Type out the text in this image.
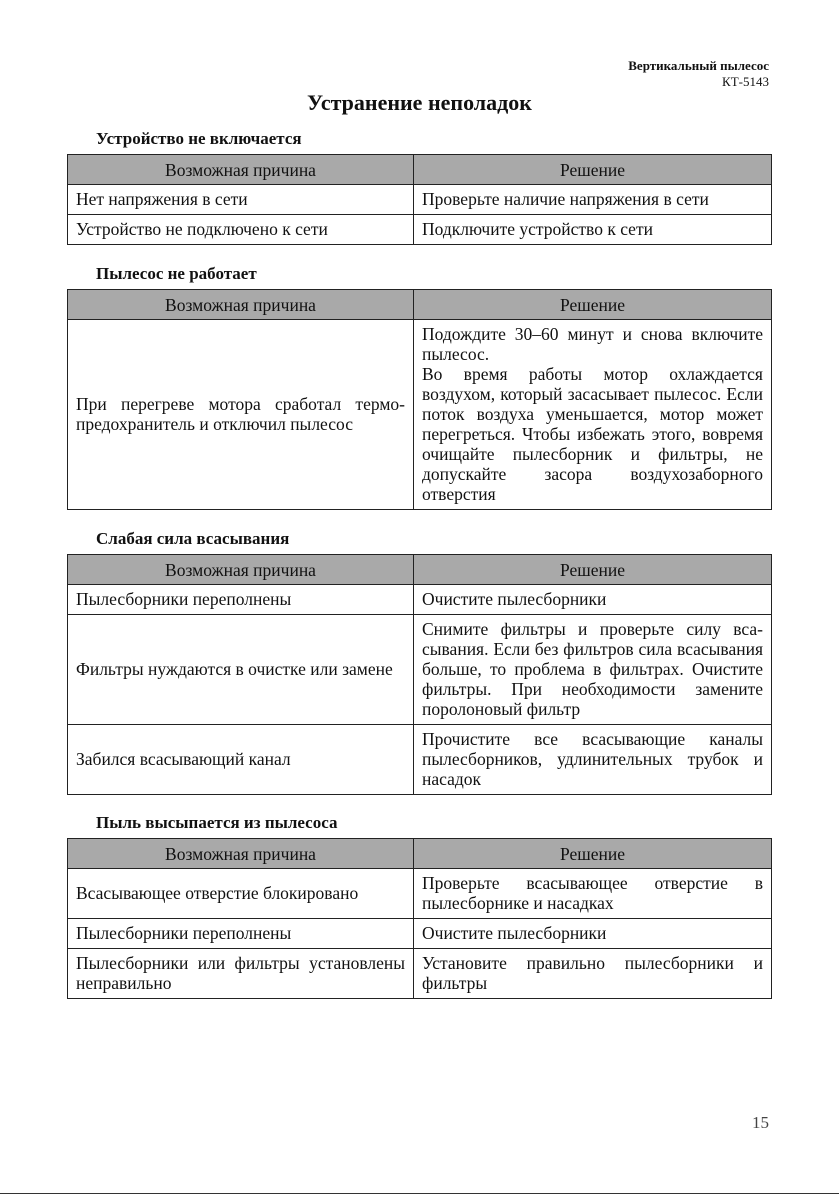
Вертикальный пылесос
КТ-5143
Устранение неполадок
Устройство не включается
Возможная причина	Решение
Нет напряжения в сети	Проверьте наличие напряжения в сети
Устройство не подключено к сети	Подключите устройство к сети
Пылесос не работает
Возможная причина	Решение
При перегреве мотора сработал термопредохранитель и отключил пылесос	Подождите 30–60 минут и снова включите пылесос.
Во время работы мотор охлаждается воздухом, который засасывает пылесос. Если поток воздуха уменьшается, мотор может перегреться. Чтобы избежать этого, вовремя очищайте пылесборник и фильтры, не допускайте засора воздухозаборного отверстия
Слабая сила всасывания
Возможная причина	Решение
Пылесборники переполнены	Очистите пылесборники
Фильтры нуждаются в очистке или замене	Снимите фильтры и проверьте силу всасывания. Если без фильтров сила всасывания больше, то проблема в фильтрах. Очистите фильтры. При необходимости замените поролоновый фильтр
Забился всасывающий канал	Прочистите все всасывающие каналы пылесборников, удлинительных трубок и насадок
Пыль высыпается из пылесоса
Возможная причина	Решение
Всасывающее отверстие блокировано	Проверьте всасывающее отверстие в пылесборнике и насадках
Пылесборники переполнены	Очистите пылесборники
Пылесборники или фильтры установлены неправильно	Установите правильно пылесборники и фильтры
15
